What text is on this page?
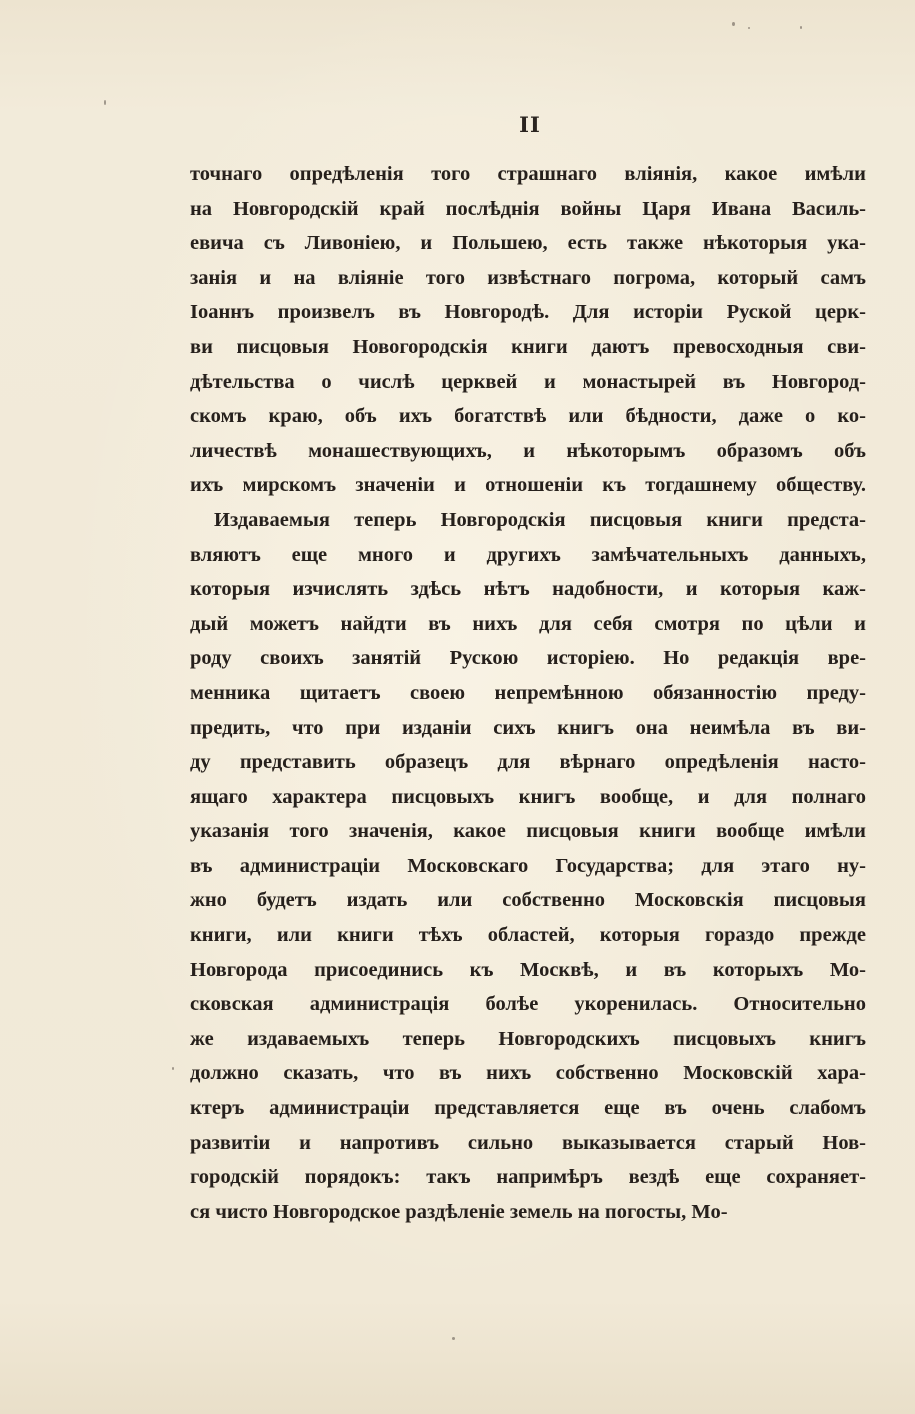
II
точнаго опредѣленія того страшнаго вліянія, какое имѣли
на Новгородскій край послѣднія войны Царя Ивана Василь-
евича съ Ливоніею, и Польшею, есть также нѣкоторыя ука-
занія и на вліяніе того извѣстнаго погрома, который самъ
Іоаннъ произвелъ въ Новгородѣ. Для исторіи Руской церк-
ви писцовыя Новогородскія книги даютъ превосходныя сви-
дѣтельства о числѣ церквей и монастырей въ Новгород-
скомъ краю, объ ихъ богатствѣ или бѣдности, даже о ко-
личествѣ монашествующихъ, и нѣкоторымъ образомъ объ
ихъ мирскомъ значеніи и отношеніи къ тогдашнему обществу.
Издаваемыя теперь Новгородскія писцовыя книги предста-
вляютъ еще много и другихъ замѣчательныхъ данныхъ,
которыя изчислять здѣсь нѣтъ надобности, и которыя каж-
дый можетъ найдти въ нихъ для себя смотря по цѣли и
роду своихъ занятій Рускою исторіею. Но редакція вре-
менника щитаетъ своею непремѣнною обязанностію преду-
предить, что при изданіи сихъ книгъ она неимѣла въ ви-
ду представить образецъ для вѣрнаго опредѣленія насто-
ящаго характера писцовыхъ книгъ вообще, и для полнаго
указанія того значенія, какое писцовыя книги вообще имѣли
въ администраціи Московскаго Государства; для этаго ну-
жно будетъ издать или собственно Московскія писцовыя
книги, или книги тѣхъ областей, которыя гораздо прежде
Новгорода присоединись къ Москвѣ, и въ которыхъ Мо-
сковская администрація болѣе укоренилась. Относительно
же издаваемыхъ теперь Новгородскихъ писцовыхъ книгъ
должно сказать, что въ нихъ собственно Московскій хара-
ктеръ администраціи представляется еще въ очень слабомъ
развитіи и напротивъ сильно выказывается старый Нов-
городскій порядокъ: такъ напримѣръ вездѣ еще сохраняет-
ся чисто Новгородское раздѣленіе земель на погосты, Мо-
